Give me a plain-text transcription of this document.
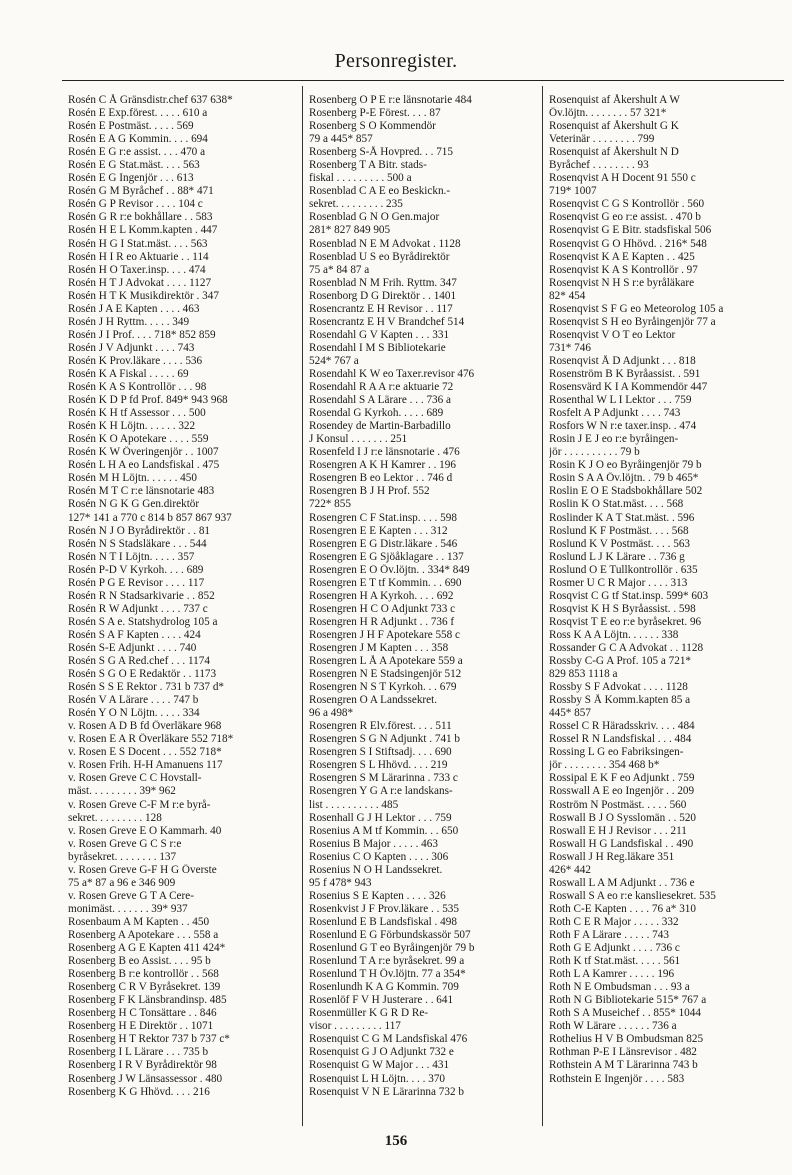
Personregister.
Rosén C Å Gränsdistr.chef 637 638*
Rosén E Exp.förest. . . . . 610 a
Rosén E Postmäst. . . . . 569
Rosén E A G Kommin. . . . 694
Rosén E G r:e assist. . . . 470 a
Rosén E G Stat.mäst. . . . 563
Rosén E G Ingenjör . . . 613
Rosén G M Byråchef . . 88* 471
Rosén G P Revisor . . . . 104 c
Rosén G R r:e bokhållare . . 583
Rosén H E L Komm.kapten . 447
Rosén H G I Stat.mäst. . . . 563
Rosén H I R eo Aktuarie . . 114
Rosén H O Taxer.insp. . . . 474
Rosén H T J Advokat . . . . 1127
Rosén H T K Musikdirektör . 347
Rosén J A E Kapten . . . . 463
Rosén J H Ryttm. . . . . 349
Rosén J I Prof. . . . 718* 852 859
Rosén J V Adjunkt . . . . 743
Rosén K Prov.läkare . . . . 536
Rosén K A Fiskal . . . . . 69
Rosén K A S Kontrollör . . . 98
Rosén K D P fd Prof. 849* 943 968
Rosén K H tf Assessor . . . 500
Rosén K H Löjtn. . . . . . 322
Rosén K O Apotekare . . . . 559
Rosén K W Överingenjör . . 1007
Rosén L H A eo Landsfiskal . 475
Rosén M H Löjtn. . . . . . 450
Rosén M T C r:e länsnotarie 483
Rosén N G K G Gen.direktör
127* 141 a 770 c 814 b 857 867 937
Rosén N J O Byrådirektör . . 81
Rosén N S Stadsläkare . . . 544
Rosén N T I Löjtn. . . . . 357
Rosén P-D V Kyrkoh. . . . 689
Rosén P G E Revisor . . . . 117
Rosén R N Stadsarkivarie . . 852
Rosén R W Adjunkt . . . . 737 c
Rosén S A e. Statshydrolog 105 a
Rosén S A F Kapten . . . . 424
Rosén S-E Adjunkt . . . . 740
Rosén S G A Red.chef . . . 1174
Rosén S G O E Redaktör . . 1173
Rosén S S E Rektor . 731 b 737 d*
Rosén V A Lärare . . . . 747 b
Rosén Y O N Löjtn. . . . . 334
v. Rosen A D B fd Överläkare 968
v. Rosen E A R Överläkare 552 718*
v. Rosen E S Docent . . . 552 718*
v. Rosen Frih. H-H Amanuens 117
v. Rosen Greve C C Hovstall-
mäst. . . . . . . . . 39* 962
v. Rosen Greve C-F M r:e byrå-
sekret. . . . . . . . . 128
v. Rosen Greve E O Kammarh. 40
v. Rosen Greve G C S r:e
byråsekret. . . . . . . . 137
v. Rosen Greve G-F H G Överste
75 a* 87 a 96 e 346 909
v. Rosen Greve G T A Cere-
monimäst. . . . . . . 39* 937
Rosenbaum A M Kapten . . 450
Rosenberg A Apotekare . . . 558 a
Rosenberg A G E Kapten 411 424*
Rosenberg B eo Assist. . . . 95 b
Rosenberg B r:e kontrollör . . 568
Rosenberg C R V Byråsekret. 139
Rosenberg F K Länsbrandinsp. 485
Rosenberg H C Tonsättare . . 846
Rosenberg H E Direktör . . 1071
Rosenberg H T Rektor 737 b 737 c*
Rosenberg I L Lärare . . . 735 b
Rosenberg I R V Byrådirektör 98
Rosenberg J W Länsassessor . 480
Rosenberg K G Hhövd. . . . 216
Rosenberg O P E r:e länsnotarie 484
Rosenberg P-E Förest. . . . 87
Rosenberg S O Kommendör
79 a 445* 857
Rosenberg S-Å Hovpred. . . 715
Rosenberg T A Bitr. stads-
fiskal . . . . . . . . . 500 a
Rosenblad C A E eo Beskickn.-
sekret. . . . . . . . . 235
Rosenblad G N O Gen.major
281* 827 849 905
Rosenblad N E M Advokat . 1128
Rosenblad U S eo Byrådirektör
75 a* 84 87 a
Rosenblad N M Frih. Ryttm. 347
Rosenborg D G Direktör . . 1401
Rosencrantz E H Revisor . . 117
Rosencrantz E H V Brandchef 514
Rosendahl G V Kapten . . . 331
Rosendahl I M S Bibliotekarie
524* 767 a
Rosendahl K W eo Taxer.revisor 476
Rosendahl R A A r:e aktuarie 72
Rosendahl S A Lärare . . . 736 a
Rosendal G Kyrkoh. . . . . 689
Rosendey de Martin-Barbadillo
J Konsul . . . . . . . 251
Rosenfeld I J r:e länsnotarie . 476
Rosengren A K H Kamrer . . 196
Rosengren B eo Lektor . . 746 d
Rosengren B J H Prof. 552
722* 855
Rosengren C F Stat.insp. . . . 598
Rosengren E E Kapten . . . 312
Rosengren E G Distr.läkare . 546
Rosengren E G Sjöåklagare . . 137
Rosengren E O Öv.löjtn. . 334* 849
Rosengren E T tf Kommin. . . 690
Rosengren H A Kyrkoh. . . . 692
Rosengren H C O Adjunkt 733 c
Rosengren H R Adjunkt . . 736 f
Rosengren J H F Apotekare 558 c
Rosengren J M Kapten . . . 358
Rosengren L Å A Apotekare 559 a
Rosengren N E Stadsingenjör 512
Rosengren N S T Kyrkoh. . . 679
Rosengren O A Landssekret.
96 a 498*
Rosengren R Elv.förest. . . . 511
Rosengren S G N Adjunkt . 741 b
Rosengren S I Stiftsadj. . . . 690
Rosengren S L Hhövd. . . . 219
Rosengren S M Lärarinna . 733 c
Rosengren Y G A r:e landskans-
list . . . . . . . . . . 485
Rosenhall G J H Lektor . . . 759
Rosenius A M tf Kommin. . . 650
Rosenius B Major . . . . . 463
Rosenius C O Kapten . . . . 306
Rosenius N O H Landssekret.
95 f 478* 943
Rosenius S E Kapten . . . . 326
Rosenkvist J F Prov.läkare . . 535
Rosenlund E B Landsfiskal . 498
Rosenlund E G Förbundskassör 507
Rosenlund G T eo Byråingenjör 79 b
Rosenlund T A r:e byråsekret. 99 a
Rosenlund T H Öv.löjtn. 77 a 354*
Rosenlundh K A G Kommin. 709
Rosenlöf F V H Justerare . . 641
Rosenmüller K G R D Re-
visor . . . . . . . . . 117
Rosenquist C G M Landsfiskal 476
Rosenquist G J O Adjunkt 732 e
Rosenquist G W Major . . . 431
Rosenquist L H Löjtn. . . . 370
Rosenquist V N E Lärarinna 732 b
Rosenquist af Åkershult A W
Öv.löjtn. . . . . . . . 57 321*
Rosenquist af Åkershult G K
Veterinär . . . . . . . . 799
Rosenquist af Åkershult N D
Byråchef . . . . . . . . 93
Rosenqvist A H Docent 91 550 c
719* 1007
Rosenqvist C G S Kontrollör . 560
Rosenqvist G eo r:e assist. . 470 b
Rosenqvist G E Bitr. stadsfiskal 506
Rosenqvist G O Hhövd. . 216* 548
Rosenqvist K A E Kapten . . 425
Rosenqvist K A S Kontrollör . 97
Rosenqvist N H S r:e byråläkare
82* 454
Rosenqvist S F G eo Meteorolog 105 a
Rosenqvist S H eo Byråingenjör 77 a
Rosenqvist V O T eo Lektor
731* 746
Rosenqvist Å D Adjunkt . . . 818
Rosenström B K Byråassist. . 591
Rosensvärd K I A Kommendör 447
Rosenthal W L I Lektor . . . 759
Rosfelt A P Adjunkt . . . . 743
Rosfors W N r:e taxer.insp. . 474
Rosin J E J eo r:e byråingen-
jör . . . . . . . . . . 79 b
Rosin K J O eo Byråingenjör 79 b
Rosin S A A Öv.löjtn. . 79 b 465*
Roslin E O E Stadsbokhållare 502
Roslin K O Stat.mäst. . . . 568
Roslinder K A T Stat.mäst. . 596
Roslund K F Postmäst. . . . 568
Roslund K V Postmäst. . . . 563
Roslund L J K Lärare . . 736 g
Roslund O E Tullkontrollör . 635
Rosmer U C R Major . . . . 313
Rosqvist C G tf Stat.insp. 599* 603
Rosqvist K H S Byråassist. . 598
Rosqvist T E eo r:e byråsekret. 96
Ross K A A Löjtn. . . . . . 338
Rossander G C A Advokat . . 1128
Rossby C-G A Prof. 105 a 721*
829 853 1118 a
Rossby S F Advokat . . . . 1128
Rossby S Å Komm.kapten 85 a
445* 857
Rossel C R Häradsskriv. . . . 484
Rossel R N Landsfiskal . . . 484
Rossing L G eo Fabriksingen-
jör . . . . . . . . 354 468 b*
Rossipal E K F eo Adjunkt . 759
Rosswall A E eo Ingenjör . . 209
Roström N Postmäst. . . . . 560
Roswall B J O Sysslomän . . 520
Roswall E H J Revisor . . . 211
Roswall H G Landsfiskal . . 490
Roswall J H Reg.läkare 351
426* 442
Roswall L A M Adjunkt . . 736 e
Roswall S A eo r:e kansliesekret. 535
Roth C-E Kapten . . . . 76 a* 310
Roth C E R Major . . . . . 332
Roth F A Lärare . . . . . 743
Roth G E Adjunkt . . . . 736 c
Roth K tf Stat.mäst. . . . . 561
Roth L A Kamrer . . . . . 196
Roth N E Ombudsman . . . 93 a
Roth N G Bibliotekarie 515* 767 a
Roth S A Museichef . . 855* 1044
Roth W Lärare . . . . . . 736 a
Rothelius H V B Ombudsman 825
Rothman P-E I Länsrevisor . 482
Rothstein A M T Lärarinna 743 b
Rothstein E Ingenjör . . . . 583
156
